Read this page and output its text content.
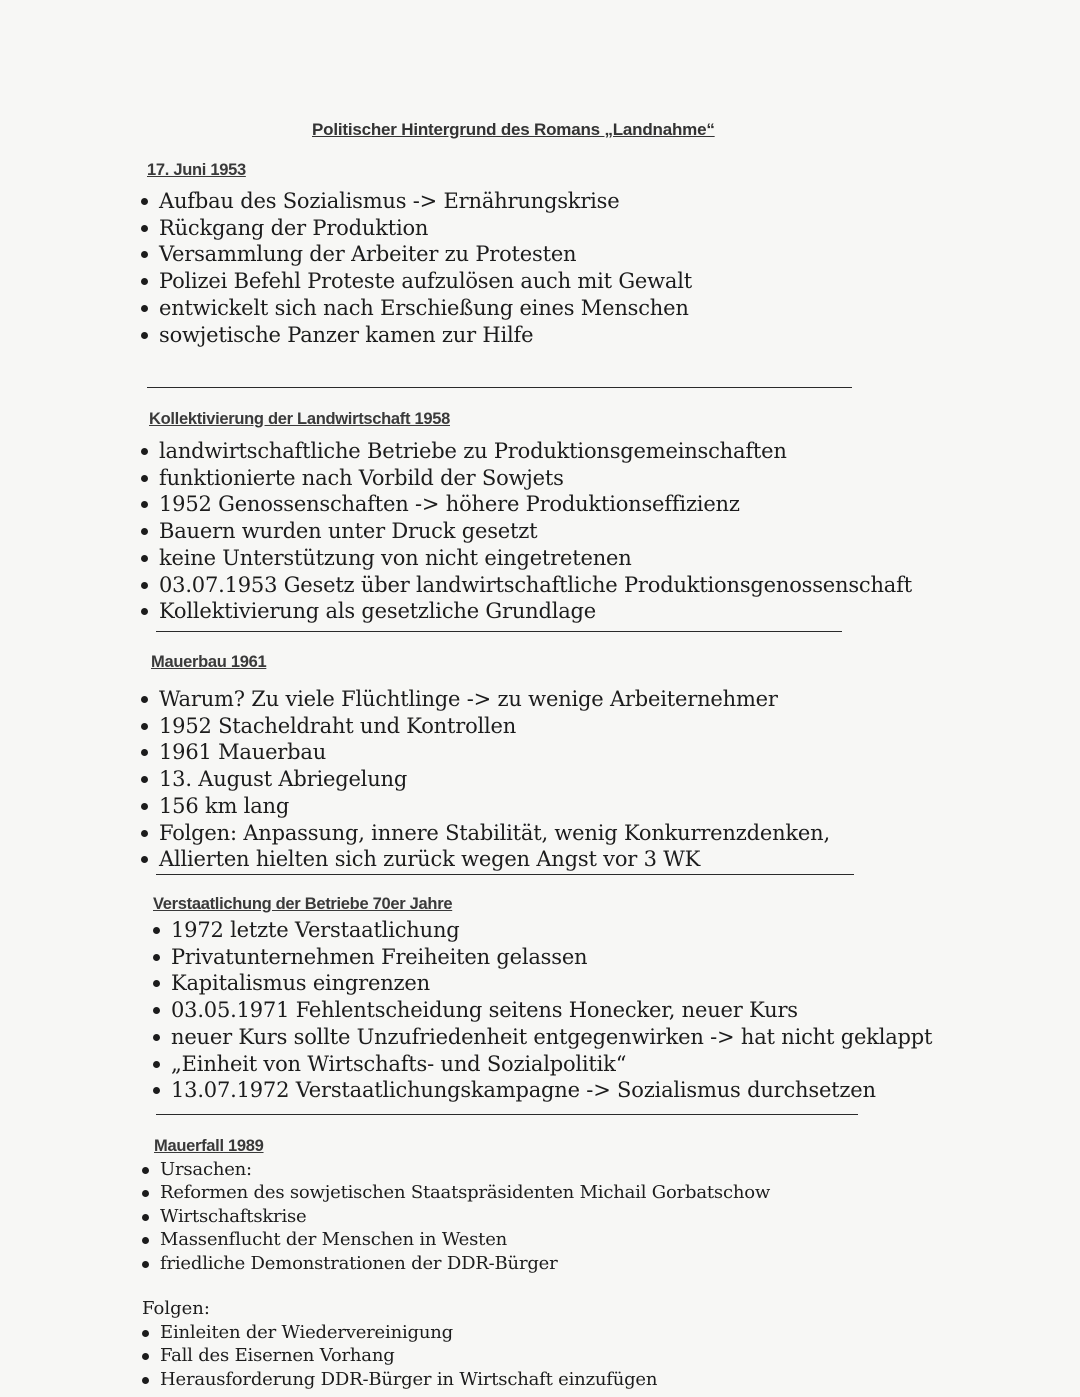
Politischer Hintergrund des Romans „Landnahme“
17. Juni 1953
Aufbau des Sozialismus -> Ernährungskrise
Rückgang der Produktion
Versammlung der Arbeiter zu Protesten
Polizei Befehl Proteste aufzulösen auch mit Gewalt
entwickelt sich nach Erschießung eines Menschen
sowjetische Panzer kamen zur Hilfe
Kollektivierung der Landwirtschaft 1958
landwirtschaftliche Betriebe zu Produktionsgemeinschaften
funktionierte nach Vorbild der Sowjets
1952 Genossenschaften -> höhere Produktionseffizienz
Bauern wurden unter Druck gesetzt
keine Unterstützung von nicht eingetretenen
03.07.1953 Gesetz über landwirtschaftliche Produktionsgenossenschaft
Kollektivierung als gesetzliche Grundlage
Mauerbau 1961
Warum? Zu viele Flüchtlinge -> zu wenige Arbeiternehmer
1952 Stacheldraht und Kontrollen
1961 Mauerbau
13. August Abriegelung
156 km lang
Folgen: Anpassung, innere Stabilität, wenig Konkurrenzdenken,
Allierten hielten sich zurück wegen Angst vor 3 WK
Verstaatlichung der Betriebe 70er Jahre
1972 letzte Verstaatlichung
Privatunternehmen Freiheiten gelassen
Kapitalismus eingrenzen
03.05.1971 Fehlentscheidung seitens Honecker, neuer Kurs
neuer Kurs sollte Unzufriedenheit entgegenwirken -> hat nicht geklappt
„Einheit von Wirtschafts- und Sozialpolitik“
13.07.1972 Verstaatlichungskampagne -> Sozialismus durchsetzen
Mauerfall 1989
Ursachen:
Reformen des sowjetischen Staatspräsidenten Michail Gorbatschow
Wirtschaftskrise
Massenflucht der Menschen in Westen
friedliche Demonstrationen der DDR-Bürger
Folgen:
Einleiten der Wiedervereinigung
Fall des Eisernen Vorhang
Herausforderung DDR-Bürger in Wirtschaft einzufügen
